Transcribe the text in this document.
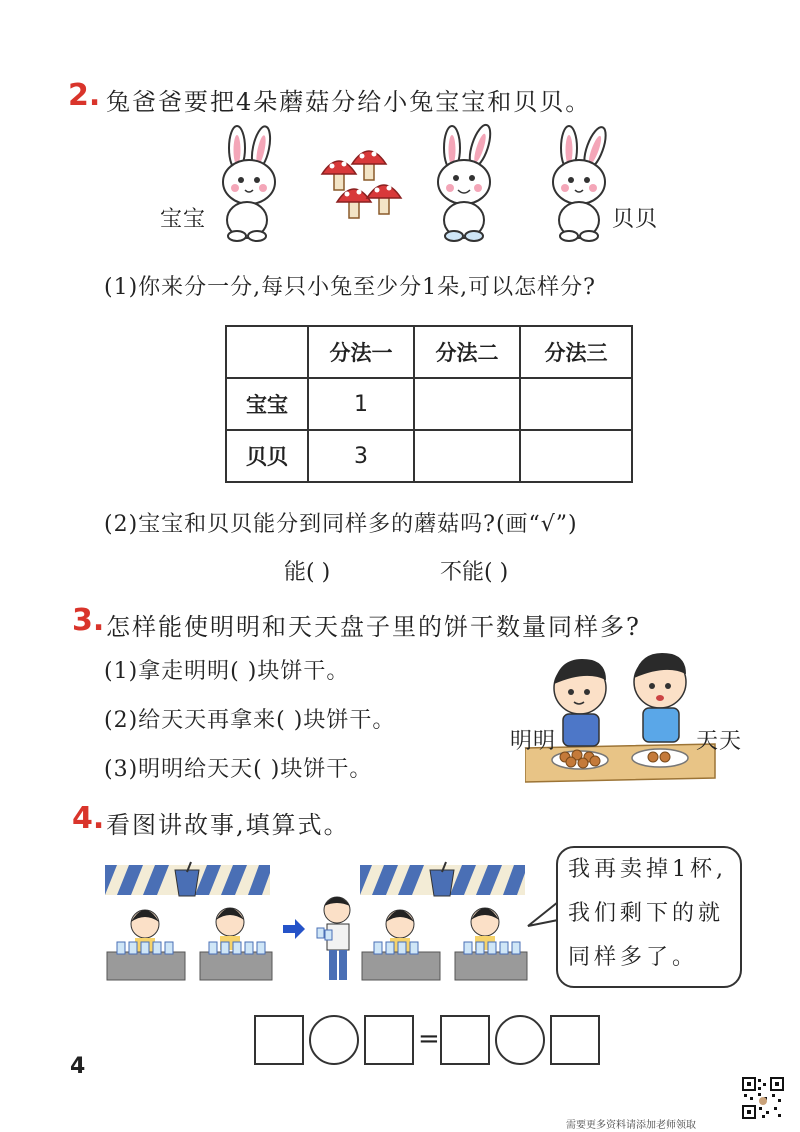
2. 兔爸爸要把4朵蘑菇分给小兔宝宝和贝贝。
宝宝	贝贝
(1)你来分一分,每只小兔至少分1朵,可以怎样分?
	分法一	分法二	分法三
宝宝	1		
贝贝	3		
(2)宝宝和贝贝能分到同样多的蘑菇吗?(画“√”)
能( )	不能( )
3. 怎样能使明明和天天盘子里的饼干数量同样多?
(1)拿走明明( )块饼干。
(2)给天天再拿来( )块饼干。
(3)明明给天天( )块饼干。
明明	天天
4. 看图讲故事,填算式。
我再卖掉1杯,
我们剩下的就
同样多了。
=
4
需要更多资料请添加老师领取
